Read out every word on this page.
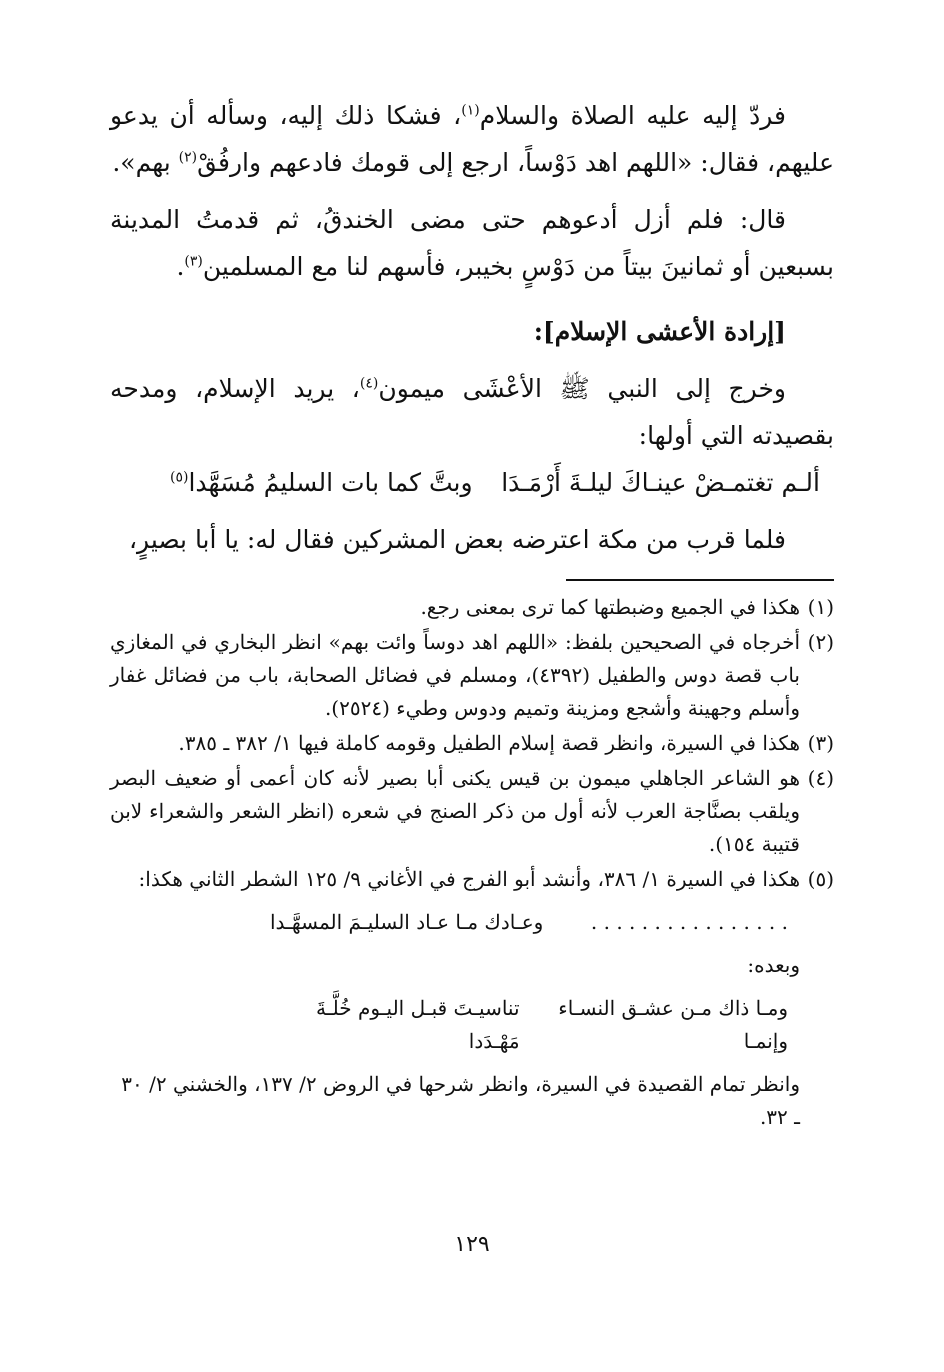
فردّ إليه عليه الصلاة والسلام$^{(١)}$، فشكا ذلك إليه، وسأله أن يدعو عليهم، فقال: «اللهم اهد دَوْساً، ارجع إلى قومك فادعهم وارفُقْ$^{(٢)}$ بهم».

قال: فلم أزل أدعوهم حتى مضى الخندقُ، ثم قدمتُ المدينة بسبعين أو ثمانينَ بيتاً من دَوْسٍ بخيبر، فأسهم لنا مع المسلمين$^{(٣)}$.

[إرادة الأعشى الإسلام]:

وخرج إلى النبي ﷺ الأعْشَى ميمون$^{(٤)}$، يريد الإسلام، ومدحه بقصيدته التي أولها:

ألـم تغتمـضْ عينـاكَ ليلـةَ أَرْمَـدَا
وبتَّ كما بات السليمُ مُسَهَّدا$^{(٥)}$

فلما قرب من مكة اعترضه بعض المشركين فقال له: يا أبا بصيرٍ،

(١)هكذا في الجميع وضبطتها كما ترى بمعنى رجع.

(٢)أخرجاه في الصحيحين بلفظ: «اللهم اهد دوساً وائت بهم» انظر البخاري في المغازي باب قصة دوس والطفيل (٤٣٩٢)، ومسلم في فضائل الصحابة، باب من فضائل غفار وأسلم وجهينة وأشجع ومزينة وتميم ودوس وطيء (٢٥٢٤).

(٣)هكذا في السيرة، وانظر قصة إسلام الطفيل وقومه كاملة فيها ١/ ٣٨٢ ـ ٣٨٥.

(٤)هو الشاعر الجاهلي ميمون بن قيس يكنى أبا بصير لأنه كان أعمى أو ضعيف البصر ويلقب بصنَّاجة العرب لأنه أول من ذكر الصنج في شعره (انظر الشعر والشعراء لابن قتيبة ١٥٤).

(٥)هكذا في السيرة ١/ ٣٨٦، وأنشد أبو الفرج في الأغاني ٩/ ١٢٥ الشطر الثاني هكذا:

. . . . . . . . . . . . . . . .
وعـادك مـا عـاد السليـمَ المسهَّـدا

وبعده:

ومـا ذاك مـن عشـق النسـاء وإنمـا
تناسيـتَ قبـل اليـوم خُلَّـةَ مَهْـدَدا

وانظر تمام القصيدة في السيرة، وانظر شرحها في الروض ٢/ ١٣٧، والخشني ٢/ ٣٠ ـ ٣٢.

١٢٩
